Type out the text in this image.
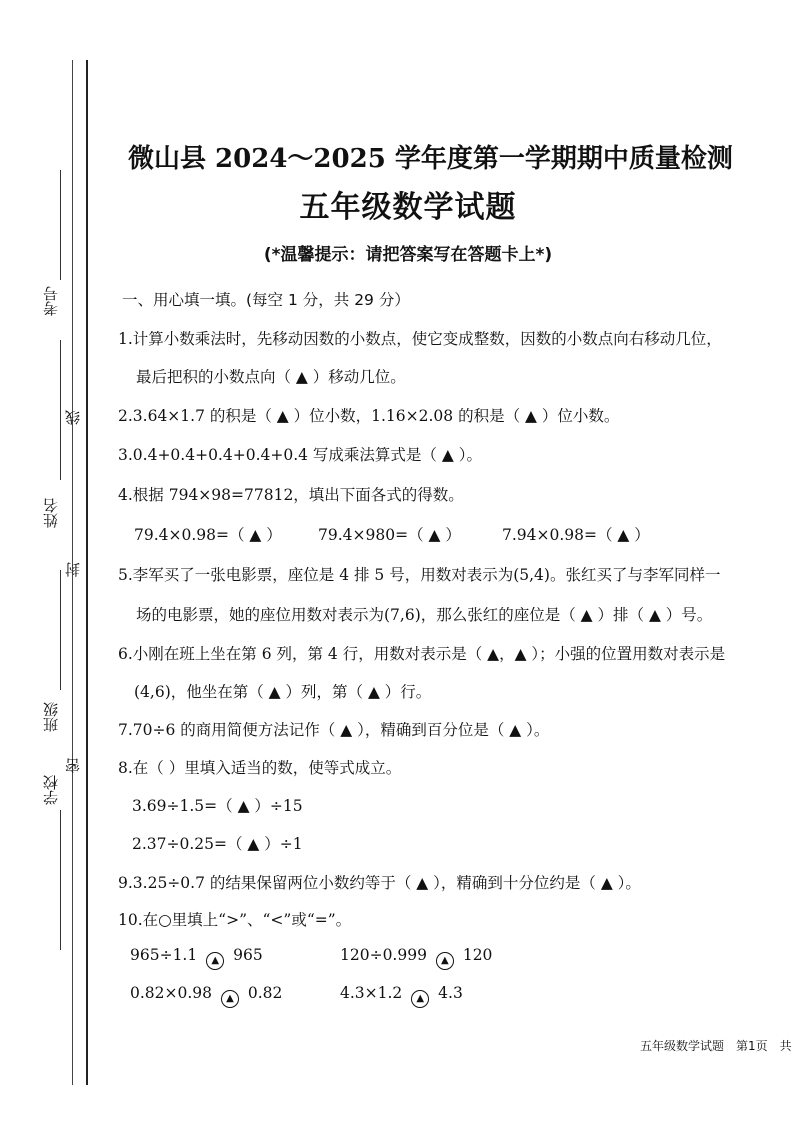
考号
线
姓名
封
班级
密
学校
微山县 2024～2025 学年度第一学期期中质量检测
五年级数学试题
(*温馨提示：请把答案写在答题卡上*)
一、用心填一填。(每空 1 分，共 29 分）
1.计算小数乘法时，先移动因数的小数点，使它变成整数，因数的小数点向右移动几位，
最后把积的小数点向（ ▲ ）移动几位。
2.3.64×1.7 的积是（ ▲ ）位小数，1.16×2.08 的积是（ ▲ ）位小数。
3.0.4+0.4+0.4+0.4+0.4 写成乘法算式是（ ▲ ）。
4.根据 794×98=77812，填出下面各式的得数。
79.4×0.98=（ ▲ ） 79.4×980=（ ▲ ）	7.94×0.98=（ ▲ ）
5.李军买了一张电影票，座位是 4 排 5 号，用数对表示为(5,4)。张红买了与李军同样一
场的电影票，她的座位用数对表示为(7,6)，那么张红的座位是（ ▲ ）排（ ▲ ）号。
6.小刚在班上坐在第 6 列，第 4 行，用数对表示是（ ▲，▲ ）；小强的位置用数对表示是
(4,6)，他坐在第（ ▲ ）列，第（ ▲ ）行。
7.70÷6 的商用简便方法记作（ ▲ ），精确到百分位是（ ▲ ）。
8.在（ ）里填入适当的数，使等式成立。
3.69÷1.5=（ ▲ ）÷15
2.37÷0.25=（ ▲ ）÷1
9.3.25÷0.7 的结果保留两位小数约等于（ ▲ ），精确到十分位约是（ ▲ ）。
10.在○里填上“>”、“<”或“=”。
965÷1.1 ▲ 965	120÷0.999 ▲ 120
0.82×0.98 ▲ 0.82	4.3×1.2 ▲ 4.3
五年级数学试题　第1页　共
